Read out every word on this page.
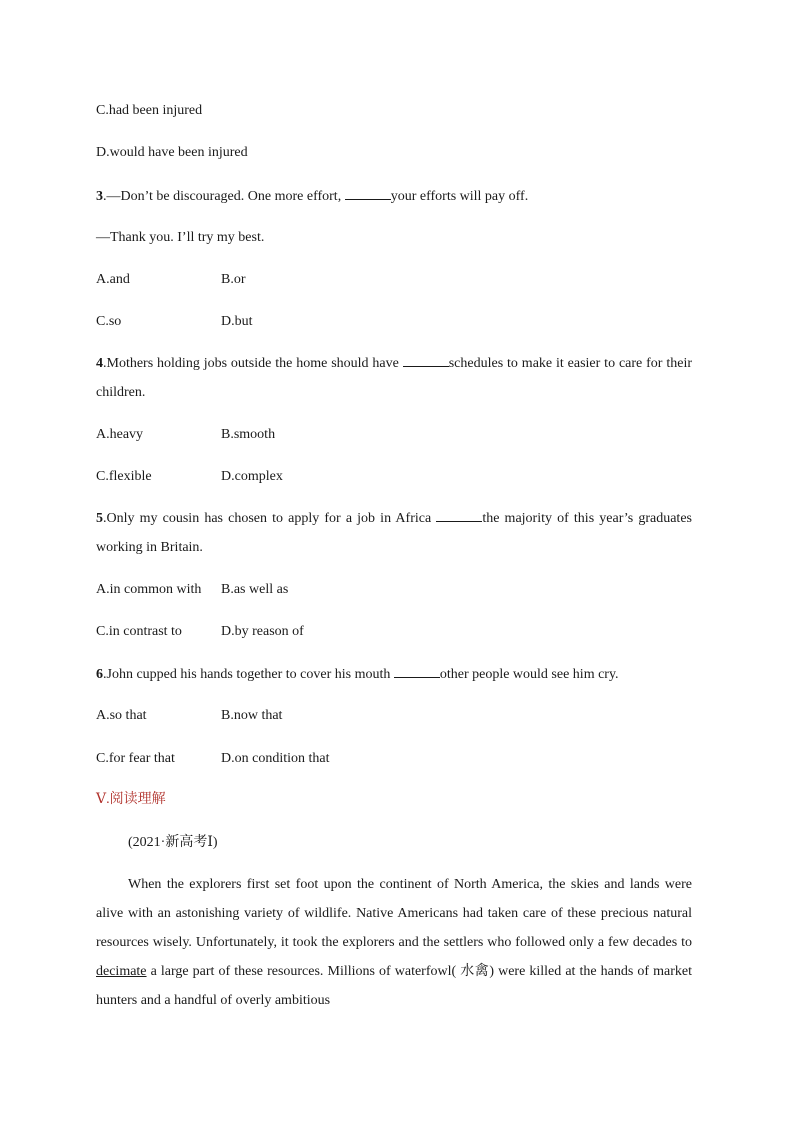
C.had been injured
D.would have been injured
3.—Don’t be discouraged. One more effort,	your efforts will pay off.
—Thank you. I’ll try my best.
A.and	B.or
C.so	D.but
4.Mothers holding jobs outside the home should have	schedules to make it easier to care for their children.
A.heavy	B.smooth
C.flexible	D.complex
5.Only my cousin has chosen to apply for a job in Africa	the majority of this year’s graduates working in Britain.
A.in common with B.as well as
C.in contrast to	D.by reason of
6.John cupped his hands together to cover his mouth	other people would see him cry.
A.so that	B.now that
C.for fear that	D.on condition that
Ⅴ.阅读理解
(2021·新高考Ⅰ)
When the explorers first set foot upon the continent of North America, the skies and lands were alive with an astonishing variety of wildlife. Native Americans had taken care of these precious natural resources wisely. Unfortunately, it took the explorers and the settlers who followed only a few decades to decimate a large part of these resources. Millions of waterfowl( 水禽) were killed at the hands of market hunters and a handful of overly ambitious
